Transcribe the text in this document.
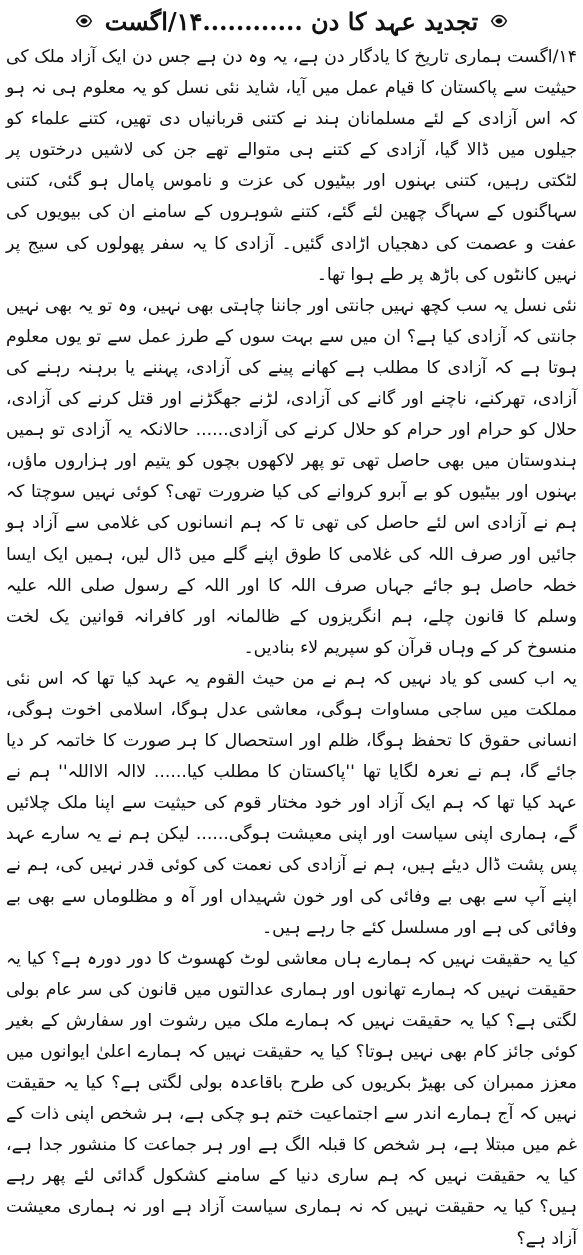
تجدید عہد کا دن ............۱۴/اگست

۱۴/اگست ہماری تاریخ کا یادگار دن ہے، یہ وہ دن ہے جس دن ایک آزاد ملک کی حیثیت سے پاکستان کا قیام عمل میں آیا، شاید نئی نسل کو یہ معلوم ہی نہ ہو کہ اس آزادی کے لئے مسلمانان ہند نے کتنی قربانیاں دی تھیں، کتنے علماء کو جیلوں میں ڈالا گیا، آزادی کے کتنے ہی متوالے تھے جن کی لاشیں درختوں پر لٹکتی رہیں، کتنی بہنوں اور بیٹیوں کی عزت و ناموس پامال ہو گئی، کتنی سہاگنوں کے سہاگ چھین لئے گئے، کتنے شوہروں کے سامنے ان کی بیویوں کی عفت و عصمت کی دھجیاں اڑادی گئیں۔ آزادی کا یہ سفر پھولوں کی سیج پر نہیں کانٹوں کی باڑھ پر طے ہوا تھا۔

نئی نسل یہ سب کچھ نہیں جانتی اور جاننا چاہتی بھی نہیں، وہ تو یہ بھی نہیں جانتی کہ آزادی کیا ہے؟ ان میں سے بہت سوں کے طرز عمل سے تو یوں معلوم ہوتا ہے کہ آزادی کا مطلب ہے کھانے پینے کی آزادی، پہننے یا برہنہ رہنے کی آزادی، تھرکنے، ناچنے اور گانے کی آزادی، لڑنے جھگڑنے اور قتل کرنے کی آزادی، حلال کو حرام اور حرام کو حلال کرنے کی آزادی...... حالانکہ یہ آزادی تو ہمیں ہندوستان میں بھی حاصل تھی تو پھر لاکھوں بچوں کو یتیم اور ہزاروں ماؤں، بہنوں اور بیٹیوں کو بے آبرو کروانے کی کیا ضرورت تھی؟ کوئی نہیں سوچتا کہ ہم نے آزادی اس لئے حاصل کی تھی تا کہ ہم انسانوں کی غلامی سے آزاد ہو جائیں اور صرف اللہ کی غلامی کا طوق اپنے گلے میں ڈال لیں، ہمیں ایک ایسا خطہ حاصل ہو جائے جہاں صرف اللہ کا اور اللہ کے رسول صلی اللہ علیہ وسلم کا قانون چلے، ہم انگریزوں کے ظالمانہ اور کافرانہ قوانین یک لخت منسوخ کر کے وہاں قرآن کو سپریم لاء بنادیں۔

یہ اب کسی کو یاد نہیں کہ ہم نے من حیث القوم یہ عہد کیا تھا کہ اس نئی مملکت میں ساجی مساوات ہوگی، معاشی عدل ہوگا، اسلامی اخوت ہوگی، انسانی حقوق کا تحفظ ہوگا، ظلم اور استحصال کا ہر صورت کا خاتمہ کر دیا جائے گا، ہم نے نعرہ لگایا تھا ''پاکستان کا مطلب کیا...... لاالہ الااللہ'' ہم نے عہد کیا تھا کہ ہم ایک آزاد اور خود مختار قوم کی حیثیت سے اپنا ملک چلائیں گے، ہماری اپنی سیاست اور اپنی معیشت ہوگی...... لیکن ہم نے یہ سارے عہد پس پشت ڈال دیئے ہیں، ہم نے آزادی کی نعمت کی کوئی قدر نہیں کی، ہم نے اپنے آپ سے بھی بے وفائی کی اور خون شہیداں اور آہ و مظلوماں سے بھی بے وفائی کی ہے اور مسلسل کئے جا رہے ہیں۔

کیا یہ حقیقت نہیں کہ ہمارے ہاں معاشی لوٹ کھسوٹ کا دور دورہ ہے؟ کیا یہ حقیقت نہیں کہ ہمارے تھانوں اور ہماری عدالتوں میں قانون کی سر عام بولی لگتی ہے؟ کیا یہ حقیقت نہیں کہ ہمارے ملک میں رشوت اور سفارش کے بغیر کوئی جائز کام بھی نہیں ہوتا؟ کیا یہ حقیقت نہیں کہ ہمارے اعلیٰ ایوانوں میں معزز ممبران کی بھیڑ بکریوں کی طرح باقاعدہ بولی لگتی ہے؟ کیا یہ حقیقت نہیں کہ آج ہمارے اندر سے اجتماعیت ختم ہو چکی ہے، ہر شخص اپنی ذات کے غم میں مبتلا ہے، ہر شخص کا قبلہ الگ ہے اور ہر جماعت کا منشور جدا ہے، کیا یہ حقیقت نہیں کہ ہم ساری دنیا کے سامنے کشکول گدائی لئے پھر رہے ہیں؟ کیا یہ حقیقت نہیں کہ نہ ہماری سیاست آزاد ہے اور نہ ہماری معیشت آزاد ہے؟
